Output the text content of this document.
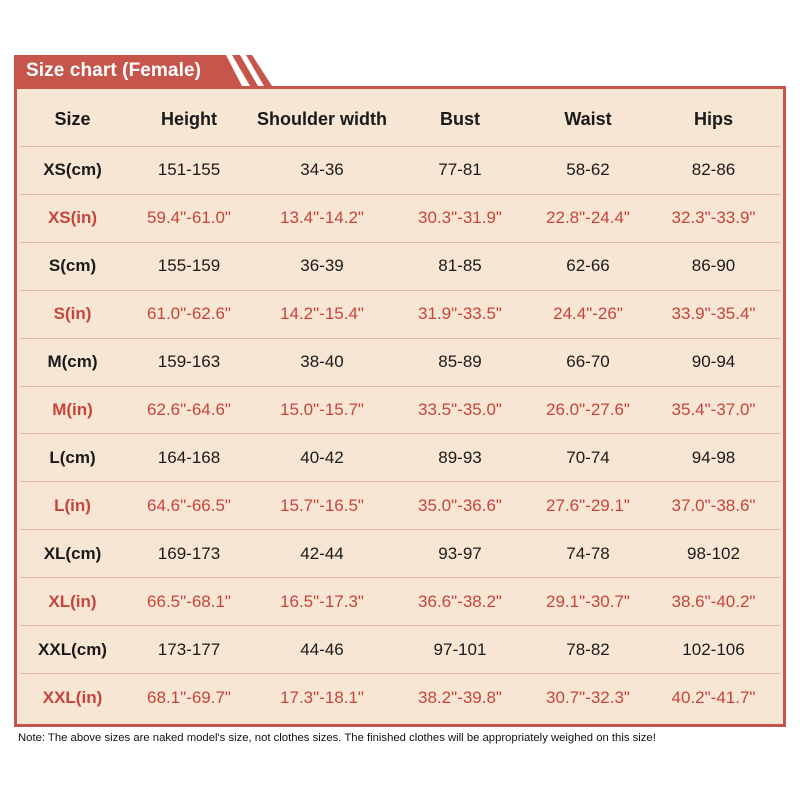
Size chart (Female)
Size	Height	Shoulder width	Bust	Waist	Hips
XS(cm)	151-155	34-36	77-81	58-62	82-86
XS(in)	59.4"-61.0"	13.4"-14.2"	30.3"-31.9"	22.8"-24.4"	32.3"-33.9"
S(cm)	155-159	36-39	81-85	62-66	86-90
S(in)	61.0"-62.6"	14.2"-15.4"	31.9"-33.5"	24.4"-26"	33.9"-35.4"
M(cm)	159-163	38-40	85-89	66-70	90-94
M(in)	62.6"-64.6"	15.0"-15.7"	33.5"-35.0"	26.0"-27.6"	35.4"-37.0"
L(cm)	164-168	40-42	89-93	70-74	94-98
L(in)	64.6"-66.5"	15.7"-16.5"	35.0"-36.6"	27.6"-29.1"	37.0"-38.6"
XL(cm)	169-173	42-44	93-97	74-78	98-102
XL(in)	66.5"-68.1"	16.5"-17.3"	36.6"-38.2"	29.1"-30.7"	38.6"-40.2"
XXL(cm)	173-177	44-46	97-101	78-82	102-106
XXL(in)	68.1"-69.7"	17.3"-18.1"	38.2"-39.8"	30.7"-32.3"	40.2"-41.7"
Note: The above sizes are naked model's size, not clothes sizes. The finished clothes will be appropriately weighed on this size!
